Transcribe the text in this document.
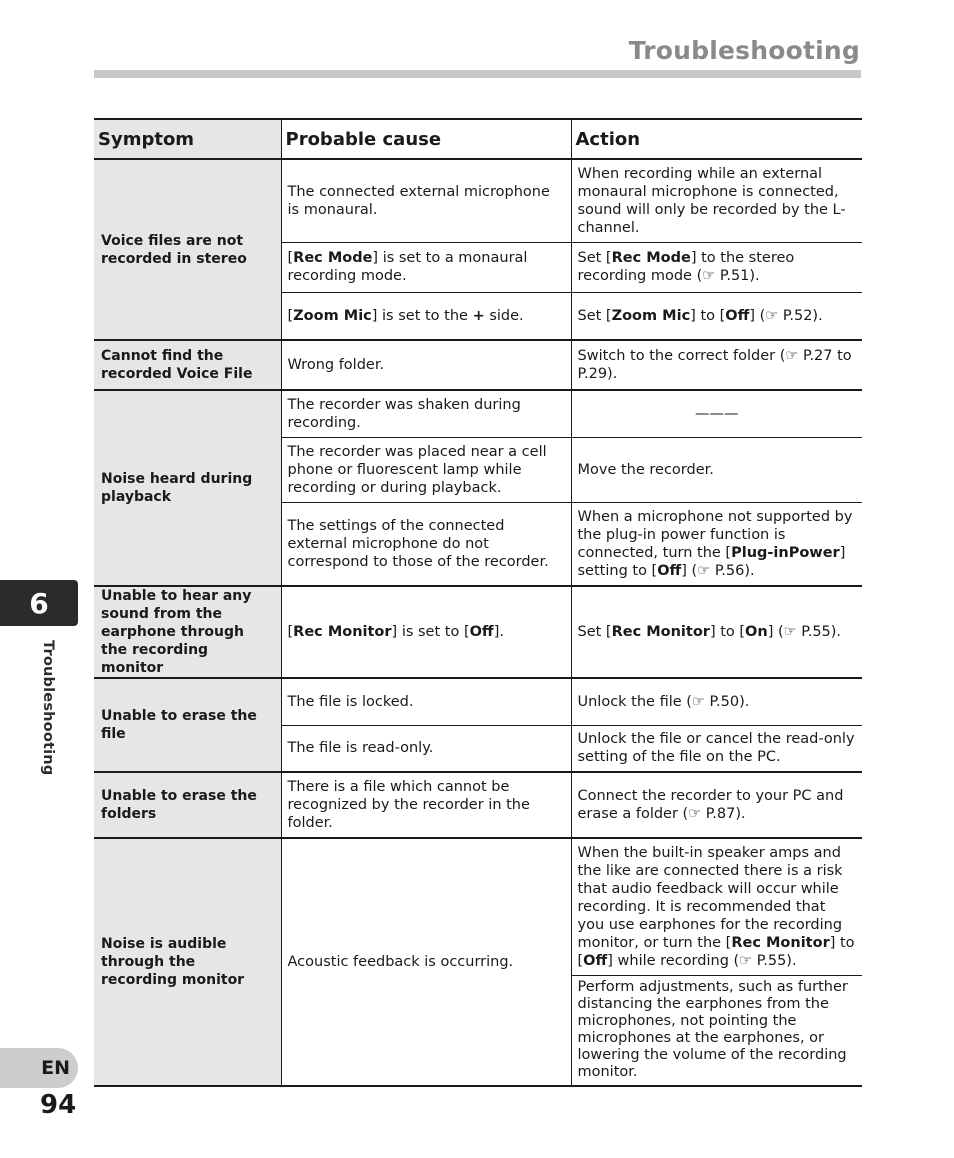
Troubleshooting
6
Troubleshooting
EN
94
Symptom	Probable cause	Action
Voice files are not recorded in stereo	The connected external microphone is monaural.	When recording while an external monaural microphone is connected, sound will only be recorded by the L-channel.
	[Rec Mode] is set to a monaural recording mode.	Set [Rec Mode] to the stereo recording mode (☞ P.51).
	[Zoom Mic] is set to the + side.	Set [Zoom Mic] to [Off] (☞ P.52).
Cannot find the recorded Voice File	Wrong folder.	Switch to the correct folder (☞ P.27 to P.29).
Noise heard during playback	The recorder was shaken during recording.	———
	The recorder was placed near a cell phone or fluorescent lamp while recording or during playback.	Move the recorder.
	The settings of the connected external microphone do not correspond to those of the recorder.	When a microphone not supported by the plug-in power function is connected, turn the [Plug-inPower] setting to [Off] (☞ P.56).
Unable to hear any sound from the earphone through the recording monitor	[Rec Monitor] is set to [Off].	Set [Rec Monitor] to [On] (☞ P.55).
Unable to erase the file	The file is locked.	Unlock the file (☞ P.50).
	The file is read-only.	Unlock the file or cancel the read-only setting of the file on the PC.
Unable to erase the folders	There is a file which cannot be recognized by the recorder in the folder.	Connect the recorder to your PC and erase a folder (☞ P.87).
Noise is audible through the recording monitor	Acoustic feedback is occurring.	When the built-in speaker amps and the like are connected there is a risk that audio feedback will occur while recording. It is recommended that you use earphones for the recording monitor, or turn the [Rec Monitor] to [Off] while recording (☞ P.55).
		Perform adjustments, such as further distancing the earphones from the microphones, not pointing the microphones at the earphones, or lowering the volume of the recording monitor.
